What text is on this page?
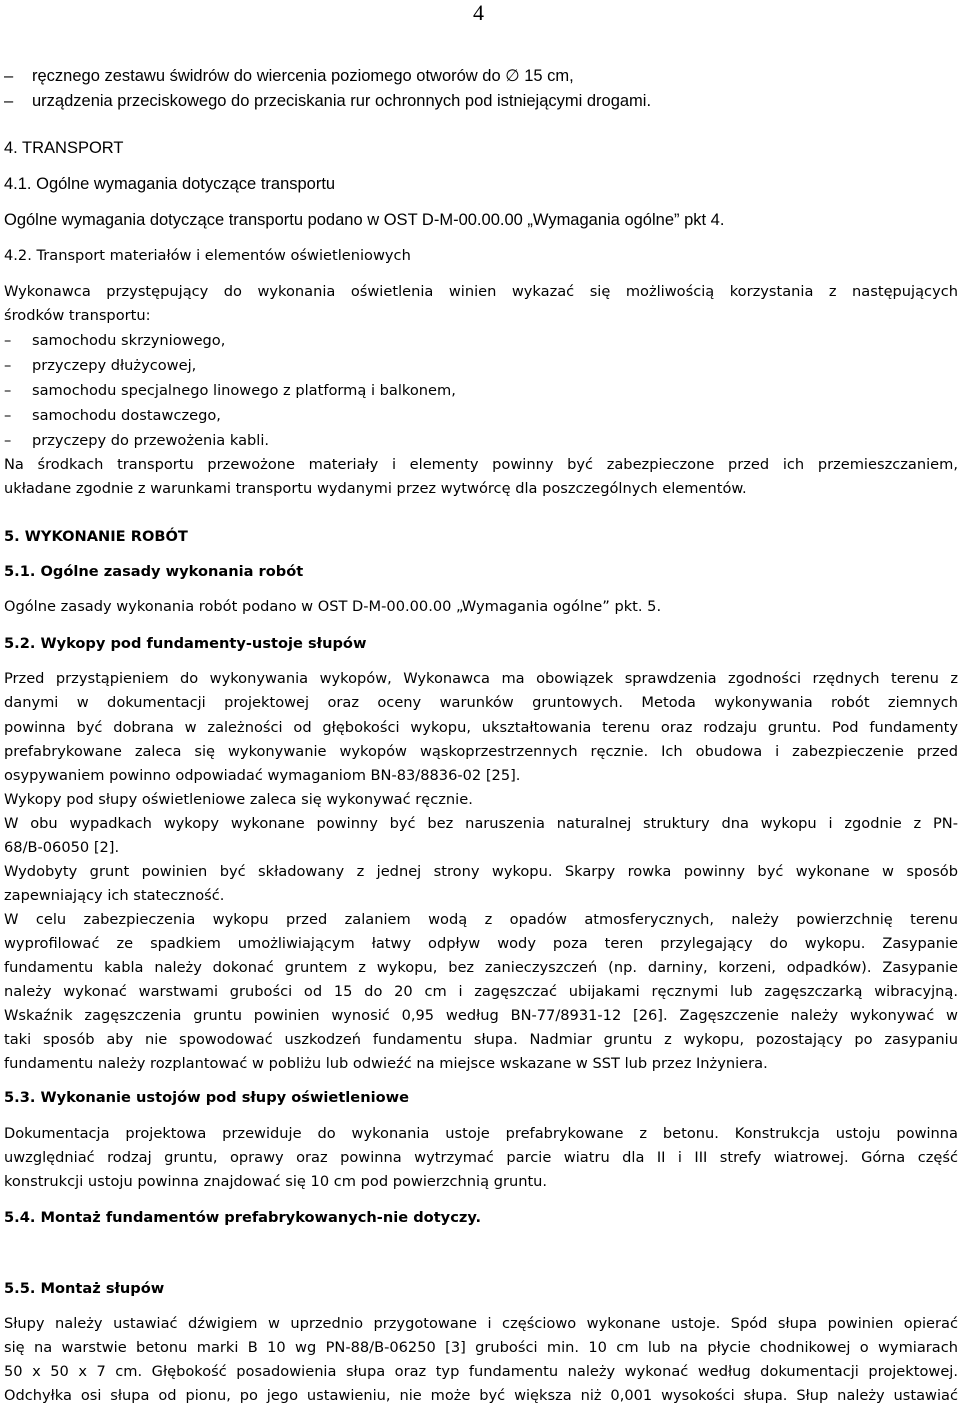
4
–	ręcznego zestawu świdrów do wiercenia poziomego otworów do ∅ 15 cm,
–	urządzenia przeciskowego do przeciskania rur ochronnych pod istniejącymi drogami.
4. TRANSPORT
4.1. Ogólne wymagania dotyczące transportu
Ogólne wymagania dotyczące transportu podano w OST D-M-00.00.00 „Wymagania ogólne” pkt 4.
4.2. Transport materiałów i elementów oświetleniowych
Wykonawca przystępujący do wykonania oświetlenia winien wykazać się możliwością korzystania z następujących
środków transportu:
–	samochodu skrzyniowego,
–	przyczepy dłużycowej,
–	samochodu specjalnego linowego z platformą i balkonem,
–	samochodu dostawczego,
–	przyczepy do przewożenia kabli.
Na środkach transportu przewożone materiały i elementy powinny być zabezpieczone przed ich przemieszczaniem,
układane zgodnie z warunkami transportu wydanymi przez wytwórcę dla poszczególnych elementów.
5. WYKONANIE ROBÓT
5.1. Ogólne zasady wykonania robót
Ogólne zasady wykonania robót podano w OST D-M-00.00.00 „Wymagania ogólne” pkt. 5.
5.2. Wykopy pod fundamenty-ustoje słupów
Przed przystąpieniem do wykonywania wykopów, Wykonawca ma obowiązek sprawdzenia zgodności rzędnych terenu z
danymi w dokumentacji projektowej oraz oceny warunków gruntowych. Metoda wykonywania robót ziemnych
powinna być dobrana w zależności od głębokości wykopu, ukształtowania terenu oraz rodzaju gruntu. Pod fundamenty
prefabrykowane zaleca się wykonywanie wykopów wąskoprzestrzennych ręcznie. Ich obudowa i zabezpieczenie przed
osypywaniem powinno odpowiadać wymaganiom BN-83/8836-02 [25].
Wykopy pod słupy oświetleniowe zaleca się wykonywać ręcznie.
W obu wypadkach wykopy wykonane powinny być bez naruszenia naturalnej struktury dna wykopu i zgodnie z PN-
68/B-06050 [2].
Wydobyty grunt powinien być składowany z jednej strony wykopu. Skarpy rowka powinny być wykonane w sposób
zapewniający ich stateczność.
W celu zabezpieczenia wykopu przed zalaniem wodą z opadów atmosferycznych, należy powierzchnię terenu
wyprofilować ze spadkiem umożliwiającym łatwy odpływ wody poza teren przylegający do wykopu. Zasypanie
fundamentu kabla należy dokonać gruntem z wykopu, bez zanieczyszczeń (np. darniny, korzeni, odpadków). Zasypanie
należy wykonać warstwami grubości od 15 do 20 cm i zagęszczać ubijakami ręcznymi lub zagęszczarką wibracyjną.
Wskaźnik zagęszczenia gruntu powinien wynosić 0,95 według BN-77/8931-12 [26]. Zagęszczenie należy wykonywać w
taki sposób aby nie spowodować uszkodzeń fundamentu słupa. Nadmiar gruntu z wykopu, pozostający po zasypaniu
fundamentu należy rozplantować w pobliżu lub odwieźć na miejsce wskazane w SST lub przez Inżyniera.
5.3. Wykonanie ustojów pod słupy oświetleniowe
Dokumentacja projektowa przewiduje do wykonania ustoje prefabrykowane z betonu. Konstrukcja ustoju powinna
uwzględniać rodzaj gruntu, oprawy oraz powinna wytrzymać parcie wiatru dla II i III strefy wiatrowej. Górna część
konstrukcji ustoju powinna znajdować się 10 cm pod powierzchnią gruntu.
5.4. Montaż fundamentów prefabrykowanych-nie dotyczy.
5.5. Montaż słupów
Słupy należy ustawiać dźwigiem w uprzednio przygotowane i częściowo wykonane ustoje. Spód słupa powinien opierać
się na warstwie betonu marki B 10 wg PN-88/B-06250 [3] grubości min. 10 cm lub na płycie chodnikowej o wymiarach
50 x 50 x 7 cm. Głębokość posadowienia słupa oraz typ fundamentu należy wykonać według dokumentacji projektowej.
Odchyłka osi słupa od pionu, po jego ustawieniu, nie może być większa niż 0,001 wysokości słupa. Słup należy ustawiać
